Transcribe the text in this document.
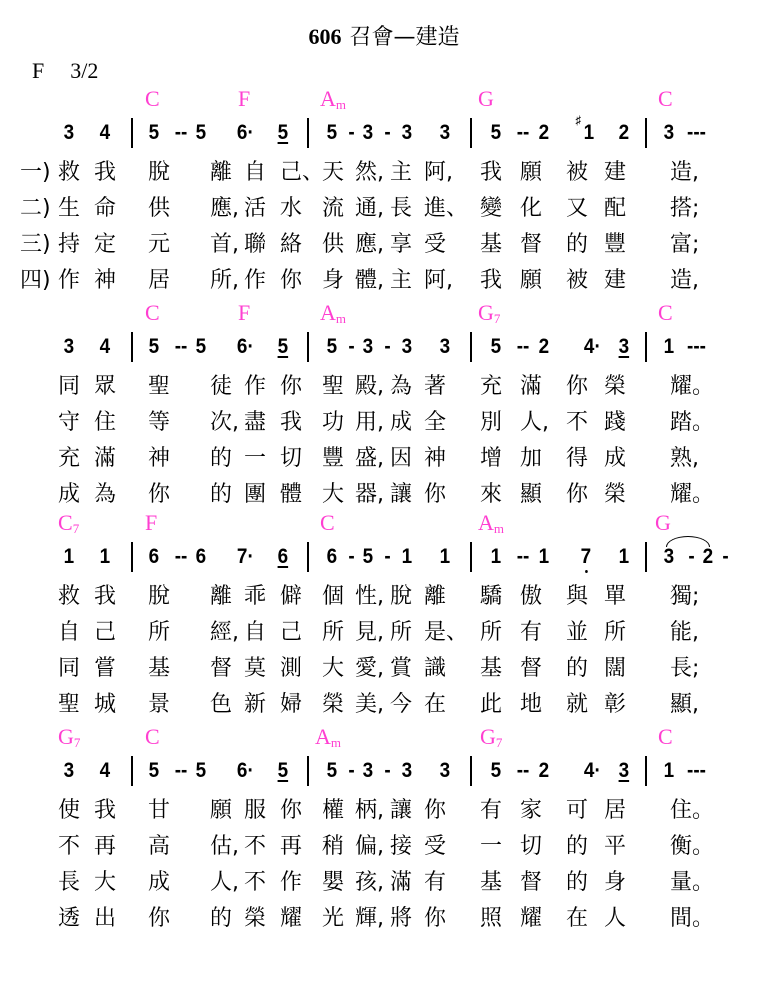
606 召會—建造
F 3/2
C	F	$A_m$	G	C
3 4 5 -- 5 6· 5 5 - 3 - 3 3 5 -- 2 1
♯
2 3 ---
一) 救 我 脫 離 自 己、
天 然, 主 阿, 我 願 被 建 造,
二) 生 命 供 應, 活 水 流 通, 長 進、 變 化 又 配 搭;
三) 持 定 元 首, 聯 絡 供 應, 享 受 基 督 的 豐 富;
四) 作 神 居 所, 作 你 身 體, 主 阿, 我 願 被 建 造,
C	F	$A_m$	$G_7$	C
3 4 5 -- 5 6· 5 5 - 3 - 3 3 5 -- 2 4· 3 1 ---
同 眾 聖 徒 作 你 聖 殿, 為 著 充 滿 你 榮 耀。
守 住 等 次, 盡 我 功 用, 成 全 別 人, 不 踐 踏。
充 滿 神 的 一 切 豐 盛, 因 神 增 加 得 成 熟,
成 為 你 的 團 體 大 器, 讓 你 來 顯 你 榮 耀。
$C_7$	F	C	$A_m$	G
1 1 6 -- 6 7· 6 6 - 5 - 1 1 1 -- 1 7 1 3 - 2 -
救 我 脫 離 乖 僻 個 性, 脫 離 驕 傲 與 單 獨;
自 己 所 經, 自 己 所 見, 所 是、 所 有 並 所 能,
同 嘗 基 督 莫 測 大 愛, 賞 識 基 督 的 闊 長;
聖 城 景 色 新 婦 榮 美, 今 在 此 地 就 彰 顯,
$G_7$	C	$A_m$	$G_7$	C
3 4 5 -- 5 6· 5 5 - 3 - 3 3 5 -- 2 4· 3 1 ---
使 我 甘 願 服 你 權 柄, 讓 你 有 家 可 居 住。
不 再 高 估, 不 再 稍 偏, 接 受 一 切 的 平 衡。
長 大 成 人, 不 作 嬰 孩, 滿 有 基 督 的 身 量。
透 出 你 的 榮 耀 光 輝, 將 你 照 耀 在 人 間。
